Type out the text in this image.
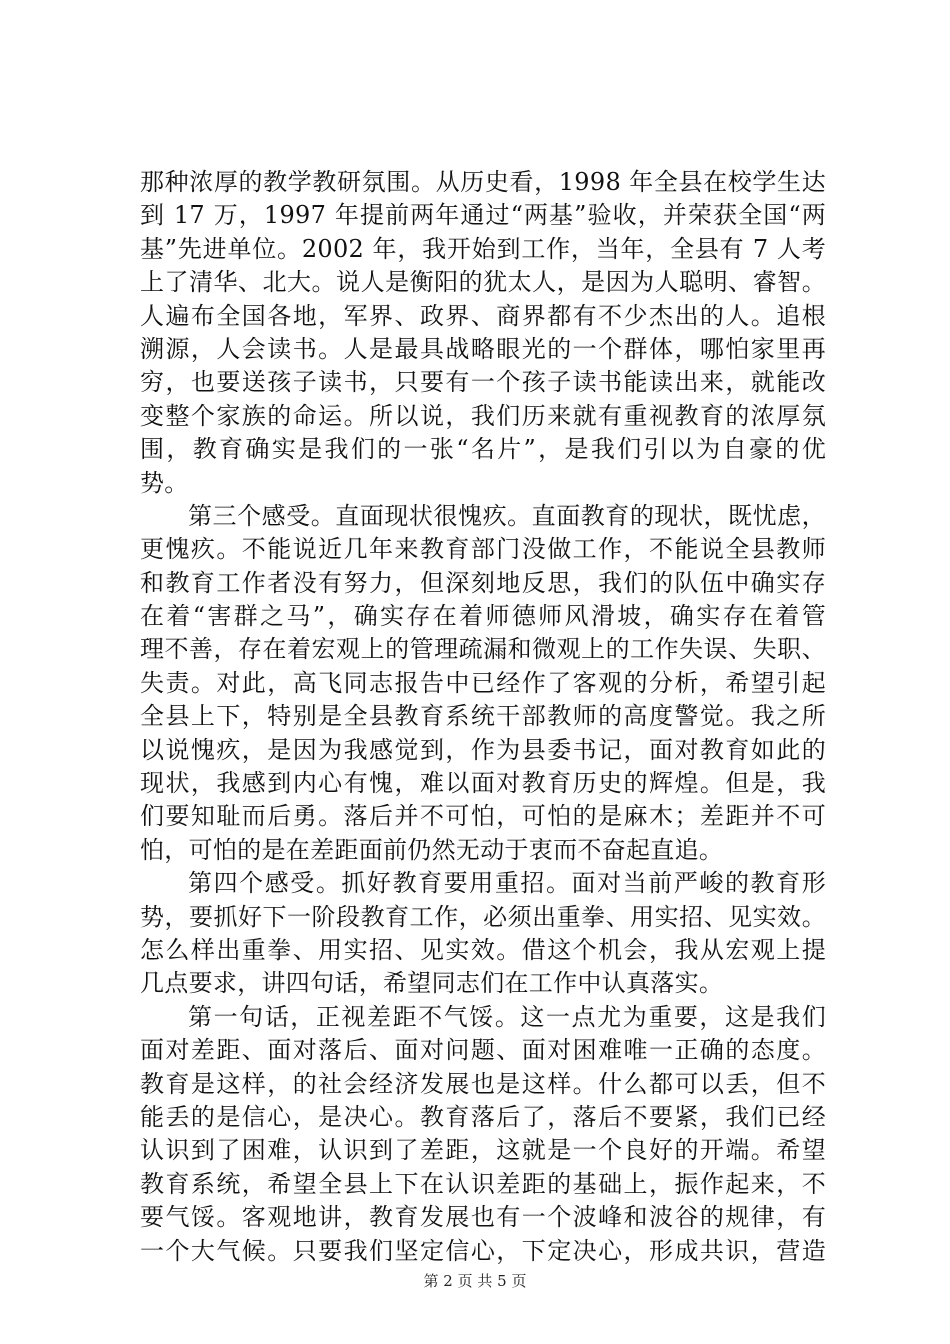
那种浓厚的教学教研氛围。从历史看，1998 年全县在校学生达
到 17 万，1997 年提前两年通过“两基”验收，并荣获全国“两
基”先进单位。2002 年，我开始到工作，当年，全县有 7 人考
上了清华、北大。说人是衡阳的犹太人，是因为人聪明、睿智。
人遍布全国各地，军界、政界、商界都有不少杰出的人。追根
溯源，人会读书。人是最具战略眼光的一个群体，哪怕家里再
穷，也要送孩子读书，只要有一个孩子读书能读出来，就能改
变整个家族的命运。所以说，我们历来就有重视教育的浓厚氛
围，教育确实是我们的一张“名片”，是我们引以为自豪的优
势。
第三个感受。直面现状很愧疚。直面教育的现状，既忧虑，
更愧疚。不能说近几年来教育部门没做工作，不能说全县教师
和教育工作者没有努力，但深刻地反思，我们的队伍中确实存
在着“害群之马”，确实存在着师德师风滑坡，确实存在着管
理不善，存在着宏观上的管理疏漏和微观上的工作失误、失职、
失责。对此，高飞同志报告中已经作了客观的分析，希望引起
全县上下，特别是全县教育系统干部教师的高度警觉。我之所
以说愧疚，是因为我感觉到，作为县委书记，面对教育如此的
现状，我感到内心有愧，难以面对教育历史的辉煌。但是，我
们要知耻而后勇。落后并不可怕，可怕的是麻木；差距并不可
怕，可怕的是在差距面前仍然无动于衷而不奋起直追。
第四个感受。抓好教育要用重招。面对当前严峻的教育形
势，要抓好下一阶段教育工作，必须出重拳、用实招、见实效。
怎么样出重拳、用实招、见实效。借这个机会，我从宏观上提
几点要求，讲四句话，希望同志们在工作中认真落实。
第一句话，正视差距不气馁。这一点尤为重要，这是我们
面对差距、面对落后、面对问题、面对困难唯一正确的态度。
教育是这样，的社会经济发展也是这样。什么都可以丢，但不
能丢的是信心，是决心。教育落后了，落后不要紧，我们已经
认识到了困难，认识到了差距，这就是一个良好的开端。希望
教育系统，希望全县上下在认识差距的基础上，振作起来，不
要气馁。客观地讲，教育发展也有一个波峰和波谷的规律，有
一个大气候。只要我们坚定信心，下定决心，形成共识，营造
第 2 页 共 5 页
